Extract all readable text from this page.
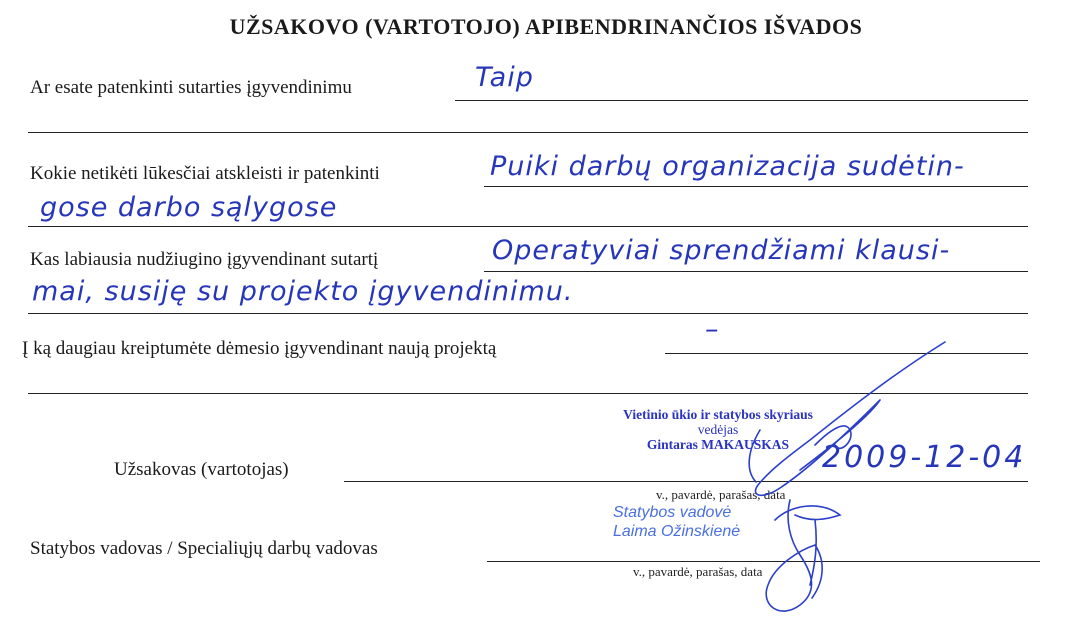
UŽSAKOVO (VARTOTOJO) APIBENDRINANČIOS IŠVADOS
Ar esate patenkinti sutarties įgyvendinimu	Taip
Kokie netikėti lūkesčiai atskleisti ir patenkinti	Puiki darbų organizacija sudėtin-
gose darbo sąlygose
Kas labiausia nudžiugino įgyvendinant sutartį	Operatyviai sprendžiami klausi-
mai, susiję su projekto įgyvendinimu.
Į ką daugiau kreiptumėte dėmesio įgyvendinant naują projektą
–
Vietinio ūkio ir statybos skyriaus
vedėjas
Gintaras MAKAUSKAS
Užsakovas (vartotojas)	2009-12-04
v., pavardė, parašas, data
Statybos vadovė
Laima Ožinskienė
Statybos vadovas / Specialiųjų darbų vadovas
v., pavardė, parašas, data
